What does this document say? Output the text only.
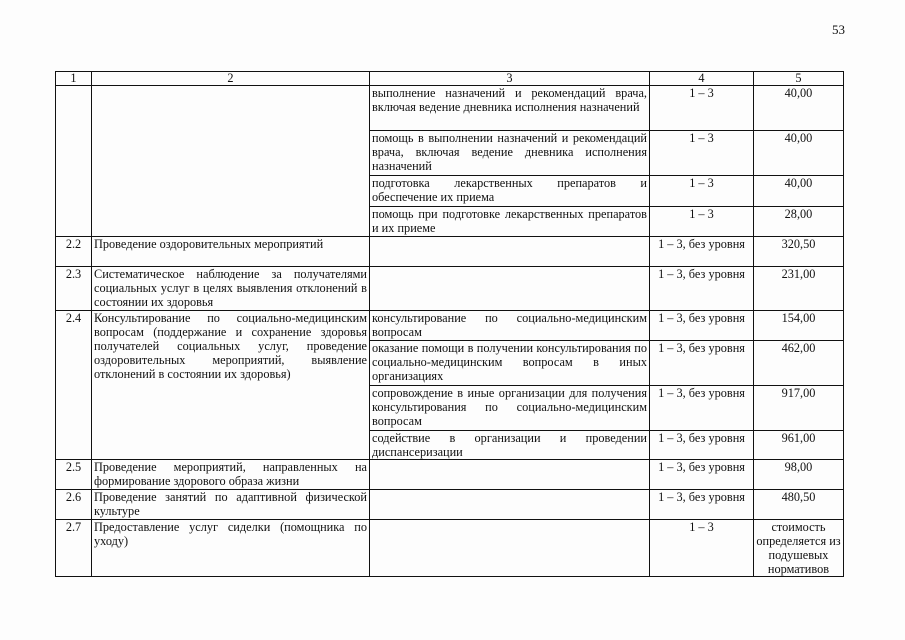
53
1	2	3	4	5
		выполнение назначений и рекомендаций врача, включая ведение дневника исполнения назначений	1 – 3	40,00
		помощь в выполнении назначений и рекомендаций врача, включая ведение дневника исполнения назначений	1 – 3	40,00
		подготовка лекарственных препаратов и обеспечение их приема	1 – 3	40,00
		помощь при подготовке лекарственных препаратов и их приеме	1 – 3	28,00
2.2	Проведение оздоровительных мероприятий		1 – 3, без уровня	320,50
2.3	Систематическое наблюдение за получателями социальных услуг в целях выявления отклонений в состоянии их здоровья		1 – 3, без уровня	231,00
2.4	Консультирование по социально-медицинским вопросам (поддержание и сохранение здоровья получателей социальных услуг, проведение оздоровительных мероприятий, выявление отклонений в состоянии их здоровья)	консультирование по социально-медицинским вопросам	1 – 3, без уровня	154,00
		оказание помощи в получении консультирования по социально-медицинским вопросам в иных организациях	1 – 3, без уровня	462,00
		сопровождение в иные организации для получения консультирования по социально-медицинским вопросам	1 – 3, без уровня	917,00
		содействие в организации и проведении диспансеризации	1 – 3, без уровня	961,00
2.5	Проведение мероприятий, направленных на формирование здорового образа жизни		1 – 3, без уровня	98,00
2.6	Проведение занятий по адаптивной физической культуре		1 – 3, без уровня	480,50
2.7	Предоставление услуг сиделки (помощника по уходу)		1 – 3	стоимость определяется из подушевых нормативов
